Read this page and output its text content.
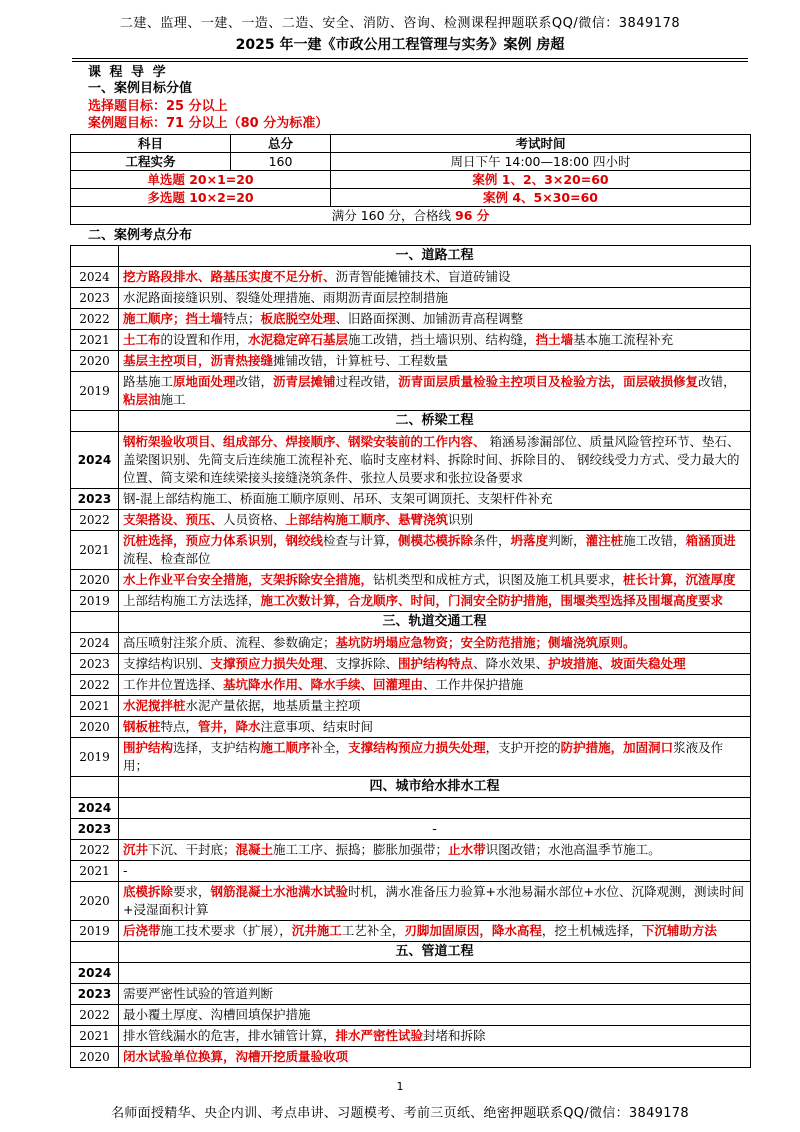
二建、监理、一建、一造、二造、安全、消防、咨询、检测课程押题联系QQ/微信：3849178
2025 年一建《市政公用工程管理与实务》案例 房超
课 程 导 学
一、案例目标分值
选择题目标：25 分以上
案例题目标：71 分以上（80 分为标准）
科目	总分	考试时间
工程实务	160	周日下午 14:00—18:00 四小时
单选题 20×1=20		案例 1、2、3×20=60
多选题 10×2=20		案例 4、5×30=60
满分 160 分，合格线 96 分		
二、案例考点分布
	一、道路工程
2024	挖方路段排水、路基压实度不足分析、沥青智能摊铺技术、盲道砖铺设
2023	水泥路面接缝识别、裂缝处理措施、雨期沥青面层控制措施
2022	施工顺序；挡土墙特点；板底脱空处理、旧路面探测、加铺沥青高程调整
2021	土工布的设置和作用，水泥稳定碎石基层施工改错，挡土墙识别、结构缝，挡土墙基本施工流程补充
2020	基层主控项目，沥青热接缝摊铺改错，计算桩号、工程数量
2019	路基施工原地面处理改错，沥青层摊铺过程改错，沥青面层质量检验主控项目及检验方法，面层破损修复改错，粘层油施工
	二、桥梁工程
2024	钢桁架验收项目、组成部分、焊接顺序、钢梁安装前的工作内容、 箱涵易渗漏部位、质量风险管控环节、垫石、盖梁图识别、先简支后连续施工流程补充、临时支座材料、拆除时间、拆除目的、 钢绞线受力方式、受力最大的位置、简支梁和连续梁接头接缝浇筑条件、张拉人员要求和张拉设备要求
2023	钢-混上部结构施工、桥面施工顺序原则、吊环、支架可调顶托、支架杆件补充
2022	支架搭设、预压、人员资格、上部结构施工顺序、悬臂浇筑识别
2021	沉桩选择，预应力体系识别，钢绞线检查与计算，侧模芯模拆除条件，坍落度判断，灌注桩施工改错，箱涵顶进流程、检查部位
2020	水上作业平台安全措施，支架拆除安全措施，钻机类型和成桩方式，识图及施工机具要求，桩长计算，沉渣厚度
2019	上部结构施工方法选择，施工次数计算，合龙顺序、时间，门洞安全防护措施，围堰类型选择及围堰高度要求
	三、轨道交通工程
2024	高压喷射注浆介质、流程、参数确定；基坑防坍塌应急物资；安全防范措施；侧墙浇筑原则。
2023	支撑结构识别、支撑预应力损失处理、支撑拆除、围护结构特点、降水效果、护坡措施、坡面失稳处理
2022	工作井位置选择、基坑降水作用、降水手续、回灌理由、工作井保护措施
2021	水泥搅拌桩水泥产量依据，地基质量主控项
2020	钢板桩特点，管井，降水注意事项、结束时间
2019	围护结构选择，支护结构施工顺序补全，支撑结构预应力损失处理，支护开挖的防护措施，加固洞口浆液及作用；
	四、城市给水排水工程
2024	
2023	-
2022	沉井下沉、干封底；混凝土施工工序、振捣；膨胀加强带；止水带识图改错；水池高温季节施工。
2021	-
2020	底模拆除要求，钢筋混凝土水池满水试验时机，满水准备压力验算+水池易漏水部位+水位、沉降观测，测读时间+浸湿面积计算
2019	后浇带施工技术要求（扩展），沉井施工工艺补全，刃脚加固原因，降水高程，挖土机械选择，下沉辅助方法
	五、管道工程
2024	
2023	需要严密性试验的管道判断
2022	最小覆土厚度、沟槽回填保护措施
2021	排水管线漏水的危害，排水铺管计算，排水严密性试验封堵和拆除
2020	闭水试验单位换算，沟槽开挖质量验收项
1
名师面授精华、央企内训、考点串讲、习题模考、考前三页纸、绝密押题联系QQ/微信：3849178
